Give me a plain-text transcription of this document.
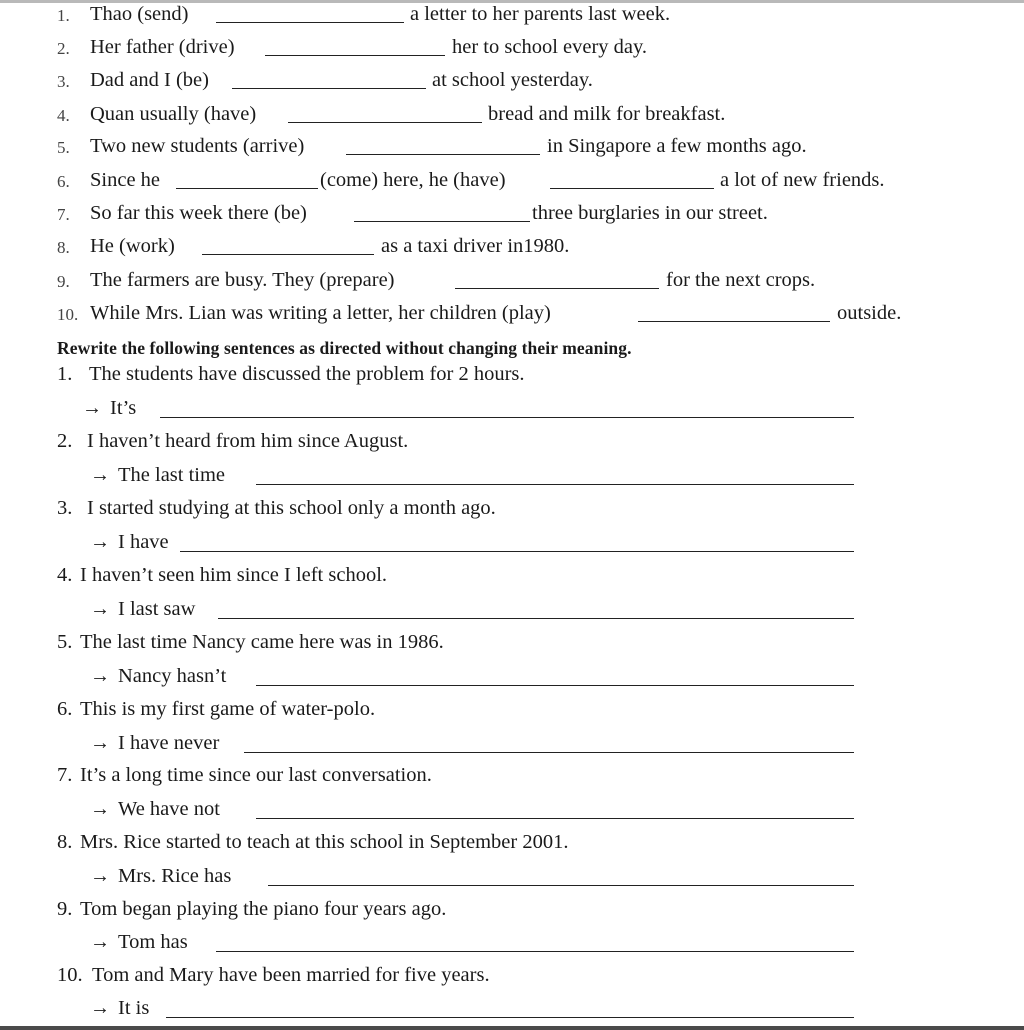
1. Thao (send)	a letter to her parents last week.
2. Her father (drive)	her to school every day.
3. Dad and I (be)	at school yesterday.
4. Quan usually (have)	bread and milk for breakfast.
5. Two new students (arrive)	in Singapore a few months ago.
6. Since he	(come) here, he (have)	a lot of new friends.
7. So far this week there (be)	three burglaries in our street.
8. He (work)	as a taxi driver in1980.
9. The farmers are busy. They (prepare)	for the next crops.
10. While Mrs. Lian was writing a letter, her children (play)	outside.
Rewrite the following sentences as directed without changing their meaning.
1. The students have discussed the problem for 2 hours.
→ It’s
2. I haven’t heard from him since August.
→ The last time
3. I started studying at this school only a month ago.
→ I have
4. I haven’t seen him since I left school.
→ I last saw
5. The last time Nancy came here was in 1986.
→ Nancy hasn’t
6. This is my first game of water-polo.
→ I have never
7. It’s a long time since our last conversation.
→ We have not
8. Mrs. Rice started to teach at this school in September 2001.
→ Mrs. Rice has
9. Tom began playing the piano four years ago.
→ Tom has
10. Tom and Mary have been married for five years.
→ It is
